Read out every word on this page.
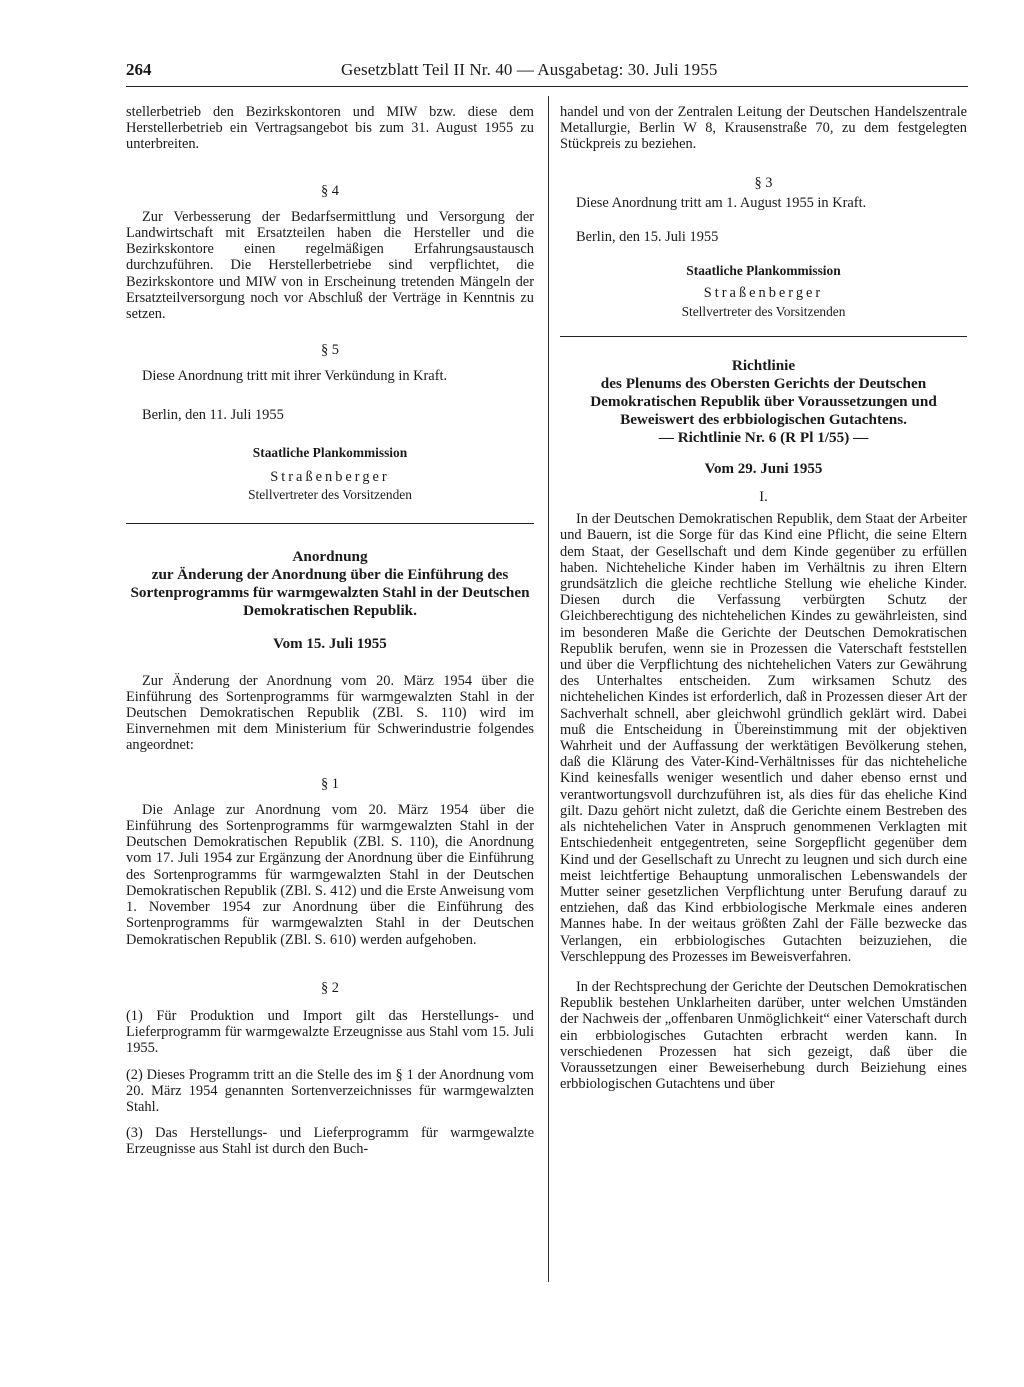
264	Gesetzblatt Teil II Nr. 40 — Ausgabetag: 30. Juli 1955

stellerbetrieb den Bezirkskontoren und MIW bzw. diese dem Herstellerbetrieb ein Vertragsangebot bis zum 31. August 1955 zu unterbreiten.

§ 4

Zur Verbesserung der Bedarfsermittlung und Versorgung der Landwirtschaft mit Ersatzteilen haben die Hersteller und die Bezirkskontore einen regelmäßigen Erfahrungsaustausch durchzuführen. Die Herstellerbetriebe sind verpflichtet, die Bezirkskontore und MIW von in Erscheinung tretenden Mängeln der Ersatzteilversorgung noch vor Abschluß der Verträge in Kenntnis zu setzen.

§ 5

Diese Anordnung tritt mit ihrer Verkündung in Kraft.

Berlin, den 11. Juli 1955

Staatliche Plankommission

Straßenberger

Stellvertreter des Vorsitzenden

Anordnung
zur Änderung der Anordnung über die Einführung des Sortenprogramms für warmgewalzten Stahl in der Deutschen Demokratischen Republik.

Vom 15. Juli 1955

Zur Änderung der Anordnung vom 20. März 1954 über die Einführung des Sortenprogramms für warmgewalzten Stahl in der Deutschen Demokratischen Republik (ZBl. S. 110) wird im Einvernehmen mit dem Ministerium für Schwerindustrie folgendes angeordnet:

§ 1

Die Anlage zur Anordnung vom 20. März 1954 über die Einführung des Sortenprogramms für warmgewalzten Stahl in der Deutschen Demokratischen Republik (ZBl. S. 110), die Anordnung vom 17. Juli 1954 zur Ergänzung der Anordnung über die Einführung des Sortenprogramms für warmgewalzten Stahl in der Deutschen Demokratischen Republik (ZBl. S. 412) und die Erste Anweisung vom 1. November 1954 zur Anordnung über die Einführung des Sortenprogramms für warmgewalzten Stahl in der Deutschen Demokratischen Republik (ZBl. S. 610) werden aufgehoben.

§ 2

(1) Für Produktion und Import gilt das Herstellungs- und Lieferprogramm für warmgewalzte Erzeugnisse aus Stahl vom 15. Juli 1955.

(2) Dieses Programm tritt an die Stelle des im § 1 der Anordnung vom 20. März 1954 genannten Sortenverzeichnisses für warmgewalzten Stahl.

(3) Das Herstellungs- und Lieferprogramm für warmgewalzte Erzeugnisse aus Stahl ist durch den Buch-

handel und von der Zentralen Leitung der Deutschen Handelszentrale Metallurgie, Berlin W 8, Krausenstraße 70, zu dem festgelegten Stückpreis zu beziehen.

§ 3

Diese Anordnung tritt am 1. August 1955 in Kraft.

Berlin, den 15. Juli 1955

Staatliche Plankommission

Straßenberger

Stellvertreter des Vorsitzenden

Richtlinie
des Plenums des Obersten Gerichts der Deutschen Demokratischen Republik über Voraussetzungen und Beweiswert des erbbiologischen Gutachtens.
— Richtlinie Nr. 6 (R Pl 1/55) —

Vom 29. Juni 1955

I.

In der Deutschen Demokratischen Republik, dem Staat der Arbeiter und Bauern, ist die Sorge für das Kind eine Pflicht, die seine Eltern dem Staat, der Gesellschaft und dem Kinde gegenüber zu erfüllen haben. Nichteheliche Kinder haben im Verhältnis zu ihren Eltern grundsätzlich die gleiche rechtliche Stellung wie eheliche Kinder. Diesen durch die Verfassung verbürgten Schutz der Gleichberechtigung des nichtehelichen Kindes zu gewährleisten, sind im besonderen Maße die Gerichte der Deutschen Demokratischen Republik berufen, wenn sie in Prozessen die Vaterschaft feststellen und über die Verpflichtung des nichtehelichen Vaters zur Gewährung des Unterhaltes entscheiden. Zum wirksamen Schutz des nichtehelichen Kindes ist erforderlich, daß in Prozessen dieser Art der Sachverhalt schnell, aber gleichwohl gründlich geklärt wird. Dabei muß die Entscheidung in Übereinstimmung mit der objektiven Wahrheit und der Auffassung der werktätigen Bevölkerung stehen, daß die Klärung des Vater-Kind-Verhältnisses für das nichteheliche Kind keinesfalls weniger wesentlich und daher ebenso ernst und verantwortungsvoll durchzuführen ist, als dies für das eheliche Kind gilt. Dazu gehört nicht zuletzt, daß die Gerichte einem Bestreben des als nichtehelichen Vater in Anspruch genommenen Verklagten mit Entschiedenheit entgegentreten, seine Sorgepflicht gegenüber dem Kind und der Gesellschaft zu Unrecht zu leugnen und sich durch eine meist leichtfertige Behauptung unmoralischen Lebenswandels der Mutter seiner gesetzlichen Verpflichtung unter Berufung darauf zu entziehen, daß das Kind erbbiologische Merkmale eines anderen Mannes habe. In der weitaus größten Zahl der Fälle bezwecke das Verlangen, ein erbbiologisches Gutachten beizuziehen, die Verschleppung des Prozesses im Beweisverfahren.

In der Rechtsprechung der Gerichte der Deutschen Demokratischen Republik bestehen Unklarheiten darüber, unter welchen Umständen der Nachweis der „offenbaren Unmöglichkeit“ einer Vaterschaft durch ein erbbiologisches Gutachten erbracht werden kann. In verschiedenen Prozessen hat sich gezeigt, daß über die Voraussetzungen einer Beweiserhebung durch Beiziehung eines erbbiologischen Gutachtens und über
